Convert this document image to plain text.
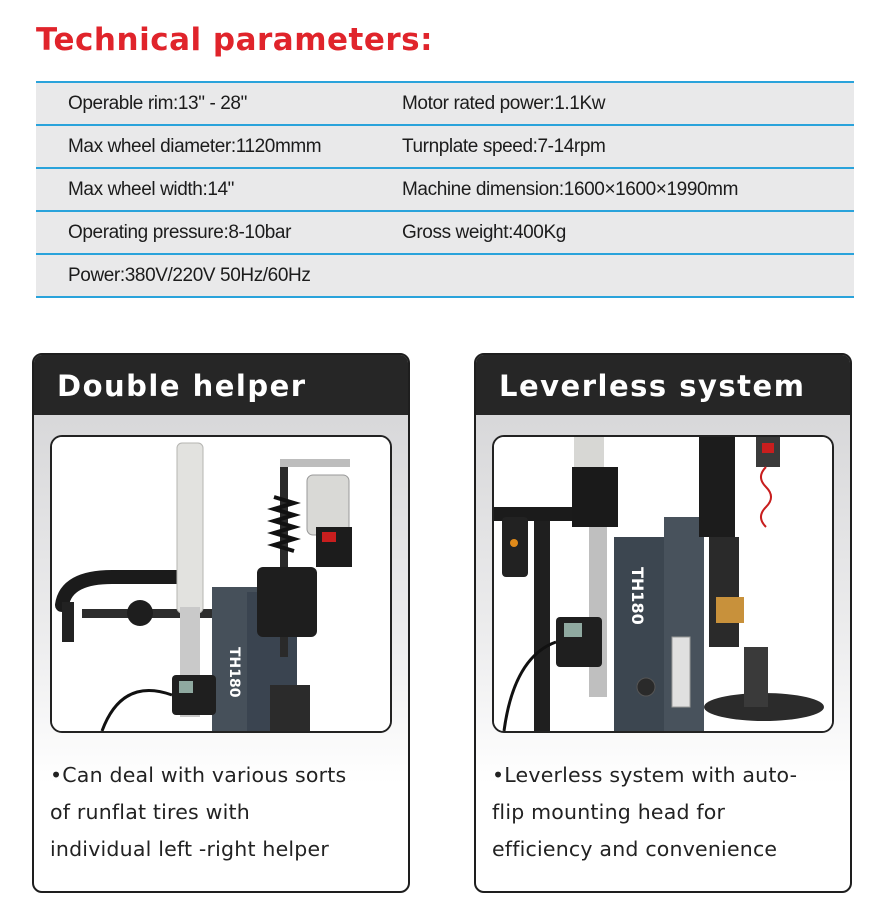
Technical parameters:
Operable rim:13" - 28"	Motor rated power:1.1Kw
Max wheel diameter:1120mmm	Turnplate speed:7-14rpm
Max wheel width:14"	Machine dimension:1600×1600×1990mm
Operating pressure:8-10bar	Gross weight:400Kg
Power:380V/220V 50Hz/60Hz
Double helper
TH180
•Can deal with various sorts
of runflat tires with
individual left -right helper
Leverless system
TH180
•Leverless system with auto-
flip mounting head for
efficiency and convenience
